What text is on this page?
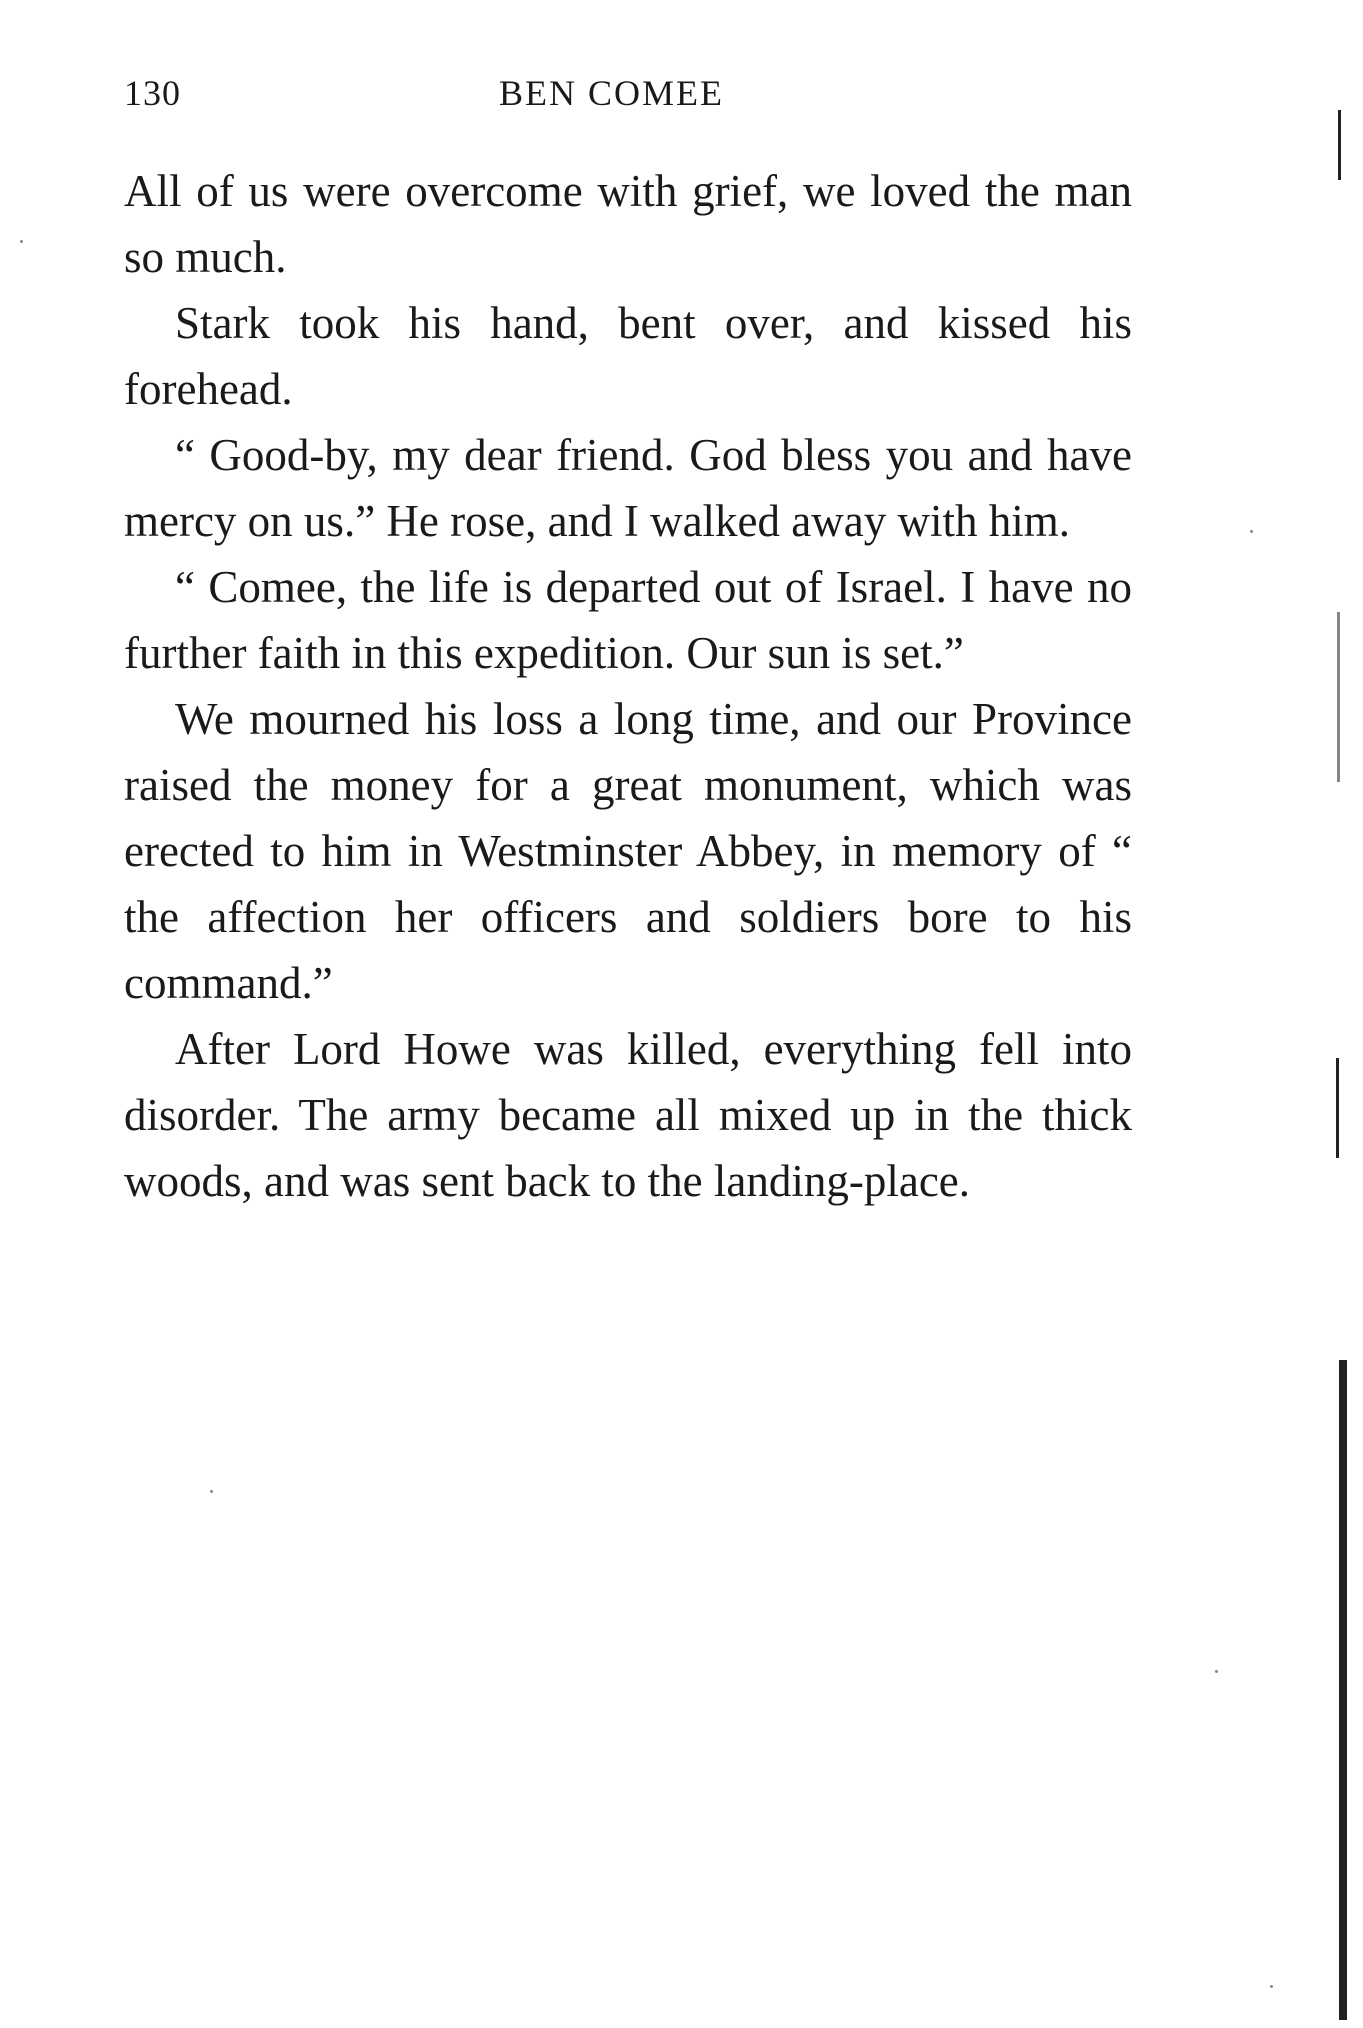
130	BEN COMEE

All of us were overcome with grief, we loved the man so much.

Stark took his hand, bent over, and kissed his forehead.

“ Good-by, my dear friend. God bless you and have mercy on us.” He rose, and I walked away with him.

“ Comee, the life is departed out of Israel. I have no further faith in this expedition. Our sun is set.”

We mourned his loss a long time, and our Province raised the money for a great monument, which was erected to him in Westminster Abbey, in memory of “ the affection her officers and soldiers bore to his command.”

After Lord Howe was killed, everything fell into disorder. The army became all mixed up in the thick woods, and was sent back to the landing-place.
